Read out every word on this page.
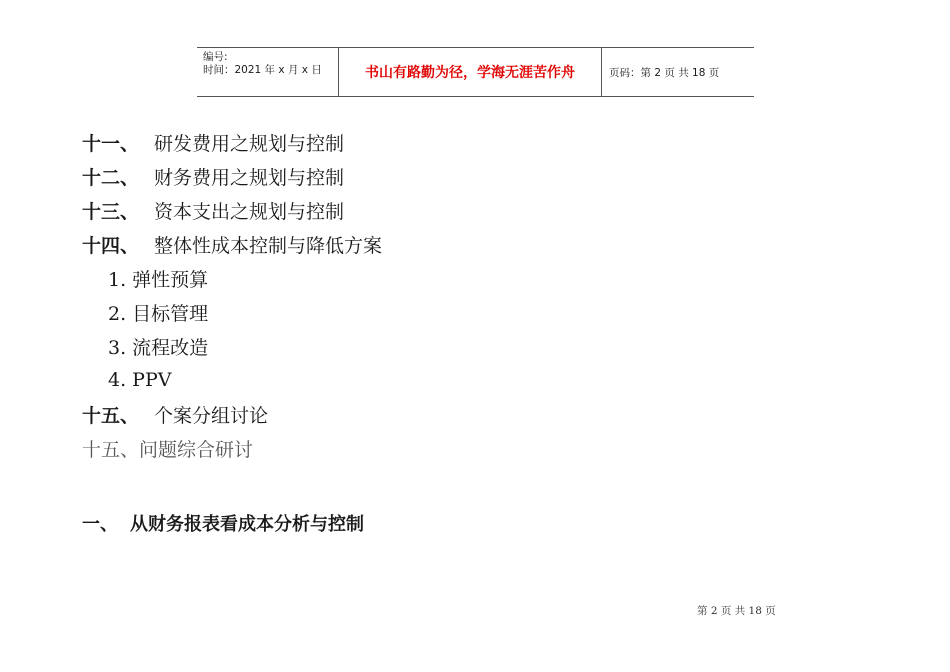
编号:
时间：2021 年 x 月 x 日	书山有路勤为径，学海无涯苦作舟	页码：第 2 页 共 18 页
十一、 研发费用之规划与控制
十二、 财务费用之规划与控制
十三、 资本支出之规划与控制
十四、 整体性成本控制与降低方案
1. 弹性预算
2. 目标管理
3. 流程改造
4. PPV
十五、 个案分组讨论
十五、问题综合研讨
一、 从财务报表看成本分析与控制
第 2 页 共 18 页
